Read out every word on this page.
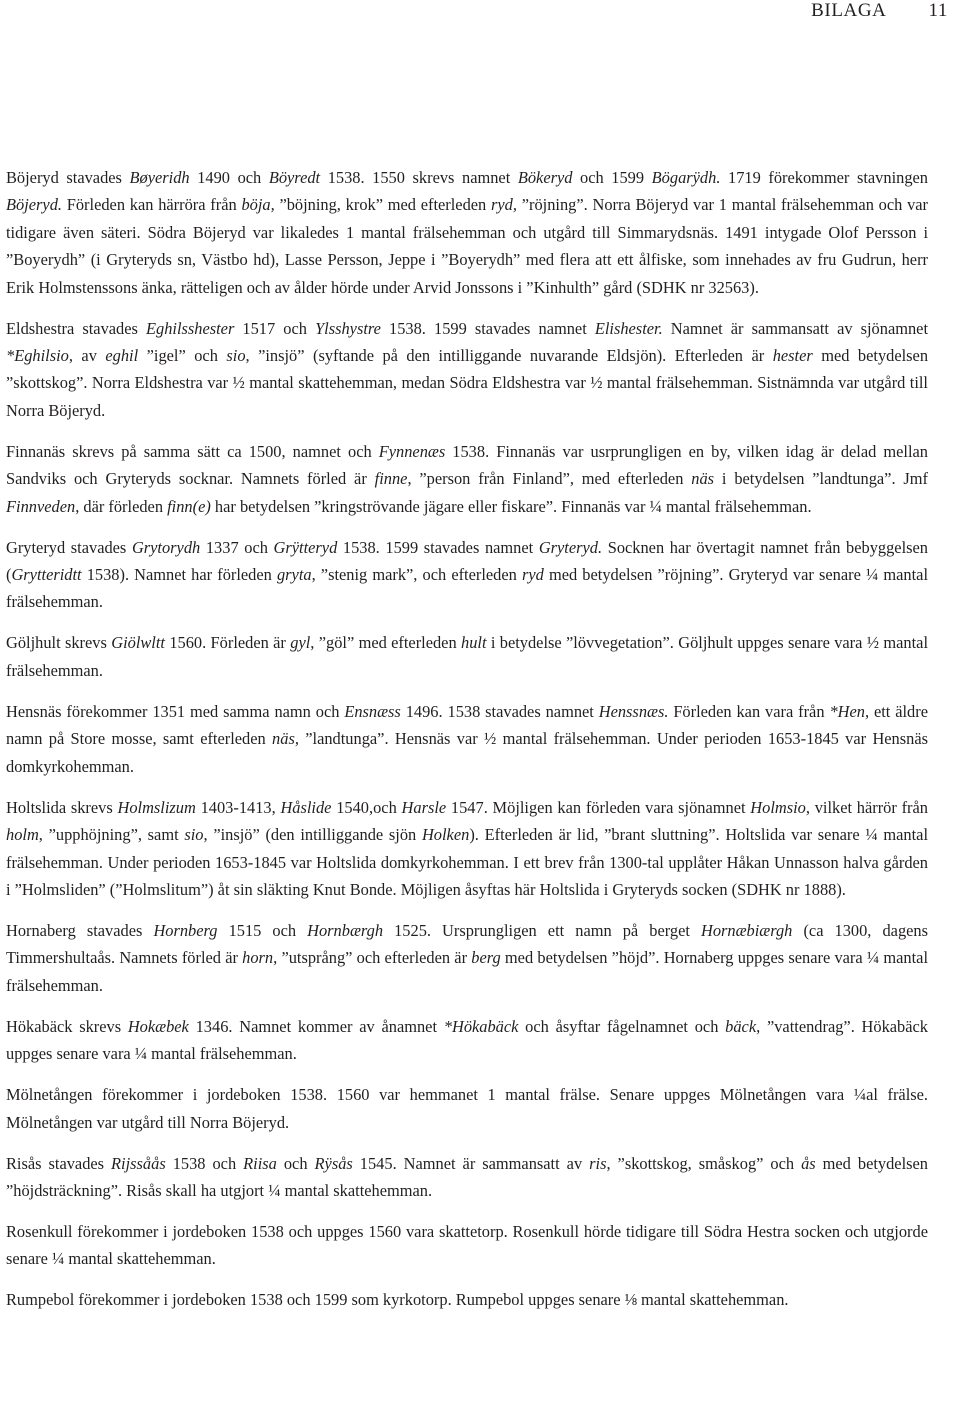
BILAGA 11

Böjeryd stavades Bøyeridh 1490 och Böyredt 1538. 1550 skrevs namnet Bökeryd och 1599 Bögarÿdh. 1719 förekommer stavningen Böjeryd. Förleden kan härröra från böja, ”böjning, krok” med efterleden ryd, ”röjning”. Norra Böjeryd var 1 mantal frälsehemman och var tidigare även säteri. Södra Böjeryd var likaledes 1 mantal frälsehemman och utgård till Simmarydsnäs. 1491 intygade Olof Persson i ”Boyerydh” (i Gryteryds sn, Västbo hd), Lasse Persson, Jeppe i ”Boyerydh” med flera att ett ålfiske, som innehades av fru Gudrun, herr Erik Holmstenssons änka, rätteligen och av ålder hörde under Arvid Jonssons i ”Kinhulth” gård (SDHK nr 32563).

Eldshestra stavades Eghilsshester 1517 och Ylsshystre 1538. 1599 stavades namnet Elishester. Namnet är sammansatt av sjönamnet *Eghilsio, av eghil ”igel” och sio, ”insjö” (syftande på den intilliggande nuvarande Eldsjön). Efterleden är hester med betydelsen ”skottskog”. Norra Eldshestra var ½ mantal skattehemman, medan Södra Eldshestra var ½ mantal frälsehemman. Sistnämnda var utgård till Norra Böjeryd.

Finnanäs skrevs på samma sätt ca 1500, namnet och Fynnenæs 1538. Finnanäs var usrprungligen en by, vilken idag är delad mellan Sandviks och Gryteryds socknar. Namnets förled är finne, ”person från Finland”, med efterleden näs i betydelsen ”landtunga”. Jmf Finnveden, där förleden finn(e) har betydelsen ”kringströvande jägare eller fiskare”. Finnanäs var ¼ mantal frälsehemman.

Gryteryd stavades Grytorydh 1337 och Grÿtteryd 1538. 1599 stavades namnet Gryteryd. Socknen har övertagit namnet från bebyggelsen (Grytteridtt 1538). Namnet har förleden gryta, ”stenig mark”, och efterleden ryd med betydelsen ”röjning”. Gryteryd var senare ¼ mantal frälsehemman.

Göljhult skrevs Giölwltt 1560. Förleden är gyl, ”göl” med efterleden hult i betydelse ”lövvegetation”. Göljhult uppges senare vara ½ mantal frälsehemman.

Hensnäs förekommer 1351 med samma namn och Ensnæss 1496. 1538 stavades namnet Henssnæs. Förleden kan vara från *Hen, ett äldre namn på Store mosse, samt efterleden näs, ”landtunga”. Hensnäs var ½ mantal frälsehemman. Under perioden 1653-1845 var Hensnäs domkyrkohemman.

Holtslida skrevs Holmslizum 1403-1413, Håslide 1540,och Harsle 1547. Möjligen kan förleden vara sjönamnet Holmsio, vilket härrör från holm, ”upphöjning”, samt sio, ”insjö” (den intilliggande sjön Holken). Efterleden är lid, ”brant sluttning”. Holtslida var senare ¼ mantal frälsehemman. Under perioden 1653-1845 var Holtslida domkyrkohemman. I ett brev från 1300-tal upplåter Håkan Unnasson halva gården i ”Holmsliden” (”Holmslitum”) åt sin släkting Knut Bonde. Möjligen åsyftas här Holtslida i Gryteryds socken (SDHK nr 1888).

Hornaberg stavades Hornberg 1515 och Hornbærgh 1525. Ursprungligen ett namn på berget Hornæbiærgh (ca 1300, dagens Timmershultaås. Namnets förled är horn, ”utsprång” och efterleden är berg med betydelsen ”höjd”. Hornaberg uppges senare vara ¼ mantal frälsehemman.

Hökabäck skrevs Hokæbek 1346. Namnet kommer av ånamnet *Hökabäck och åsyftar fågelnamnet och bäck, ”vattendrag”. Hökabäck uppges senare vara ¼ mantal frälsehemman.

Mölnetången förekommer i jordeboken 1538. 1560 var hemmanet 1 mantal frälse. Senare uppges Mölnetången vara ¼al frälse. Mölnetången var utgård till Norra Böjeryd.

Risås stavades Rijssåås 1538 och Riisa och Rÿsås 1545. Namnet är sammansatt av ris, ”skottskog, småskog” och ås med betydelsen ”höjdsträckning”. Risås skall ha utgjort ¼ mantal skattehemman.

Rosenkull förekommer i jordeboken 1538 och uppges 1560 vara skattetorp. Rosenkull hörde tidigare till Södra Hestra socken och utgjorde senare ¼ mantal skattehemman.

Rumpebol förekommer i jordeboken 1538 och 1599 som kyrkotorp. Rumpebol uppges senare ⅛ mantal skattehemman.
